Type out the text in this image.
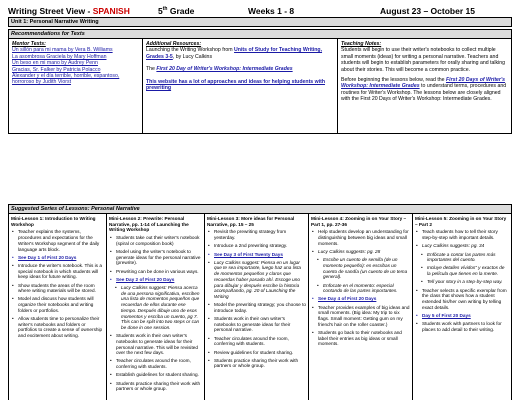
Writing Street View - SPANISH	5th Grade	Weeks 1 - 8	August 23 – October 15
Unit 1: Personal Narrative Writing
Recommendations for Texts
Mentor Texts:
Un sillón para mi mama by Vera B. Williams
La asombrosa Graciela by Mary Hoffman
Un beso en mi mano by Audrey Penn
Gracias, Sr. Falker by Patricia Polacco
Alexander y el día terrible, horrible, espantoso, horroroso by Judith Viorst
Additional Resources:
Launching the Writing Workshop from Units of Study for Teaching Writing, Grades 3-5, by Lucy Calkins
The First 20 Day of Writer's Workshop: Intermediate Grades
This website has a lot of approaches and ideas for helping students with prewriting
Teaching Notes:
Students will begin to use their writer's notebooks to collect multiple small moments (ideas) for writing a personal narrative. Teachers and students will begin to establish parameters for orally sharing and talking about their stories. This will become a common practice.
Before beginning the lessons below, read the First 20 Days of Writer's Workshop: Intermediate Grades to understand terms, procedures and routines for Writer's Workshop. The lessons below are closely aligned with the First 20 Days of Writer's Workshop: Intermediate Grades.
Suggested Series of Lessons: Personal Narrative
Mini-Lesson 1: Introduction to Writing Workshop
• Teacher explains the systems, procedures and expectations for the Writer's Workshop segment of the daily language arts block.
• See Day 1 of First 20 Days
• Introduce the writer's notebook. This is a special notebook in which students will keep ideas for future writing.
• Show students the areas of the room where writing materials will be stored.
• Model and discuss how students will organize their notebooks and writing folders or portfolios.
• Allow students time to personalize their writer's notebooks and folders or portfolios to create a sense of ownership and excitement about writing.
Mini-Lesson 2: Prewrite: Personal Narrative, pp. 1-14 of Launching the Writing Workshop
• Students take out their writer's notebook (spiral or composition book)
• Model using the writer's notebook to generate ideas for the personal narrative (prewrite).
• Prewriting can be done in various ways.
• See Day 2 of First 20 Days
• Lucy Calkins suggest: Piensa acerca de una persona significativa, escriben una lista de momentos pequeños que recuerdan de ellos durante ese tiempo. Después dibuje uno de esos momentos y escriba un cuento, pg 7. This can be split into two steps or can be done in one session.
• Students work in their own writer's notebooks to generate ideas for their personal narrative. This will be revisited over the next few days.
• Teacher circulates around the room, conferring with students.
• Establish guidelines for student sharing.
• Students practice sharing their work with partners or whole group.
Mini-Lesson 3: More ideas for Personal Narrative, pp. 15 – 25
• Revisit the prewriting strategy from yesterday.
• Introduce a 2nd prewriting strategy.
• See Day 3 of First Twenty Days
• Lucy Calkins suggest: Piensa en un lugar que te sea importante, luego haz una lista de momentos pequeños y claros que recuerdas haber pasado ahí. Escoge uno para dibujar y después escribe la historia acompañando, pg. 20 of Launching the Writing
• Model the prewriting strategy; you choose to introduce today.
• Students work in their own writer's notebooks to generate ideas for their personal narrative.
• Teacher circulates around the room, conferring with students.
• Review guidelines for student sharing.
• Students practice sharing their work with partners or whole group.
Mini-Lesson 4: Zooming in on Your Story – Part 1, pp. 27-36
• Help students develop an understanding for distinguishing between big ideas and small moments.
• Lucy Calkins suggests: pg. 28
• Escribe un cuento de semilla (de un momento pequeño): es escribas un cuento de sandía (un cuento de un tema general).
• Enfocate en el momento: especial contando de las partes importantes.
• See Day 4 of First 20 Days
• Teacher provides examples of big ideas and small moments. (Big idea: My trip to six flags. Small moment: Getting gum on my friend's hair on the roller coaster.)
• Students go back to their notebooks and label their entries as big ideas or small moments.
Mini-Lesson 5: Zooming in on Your Story – Part 2
• Teach students how to tell their story step-by-step with important details.
• Lucy Calkins suggests: pg. 34
• Enfócate a contar las partes más importantes del cuento.
• Incluye detalles vívidos" y exactos de la película que tienes en la mente.
• Tell your story in a step-by-step way.
• Teacher selects a specific exemplar from the class that shows how a student extended his/her own writing by telling exact details.
• Day 5 of First 20 Days
• Students work with partners to look for places to add detail to their writing.
